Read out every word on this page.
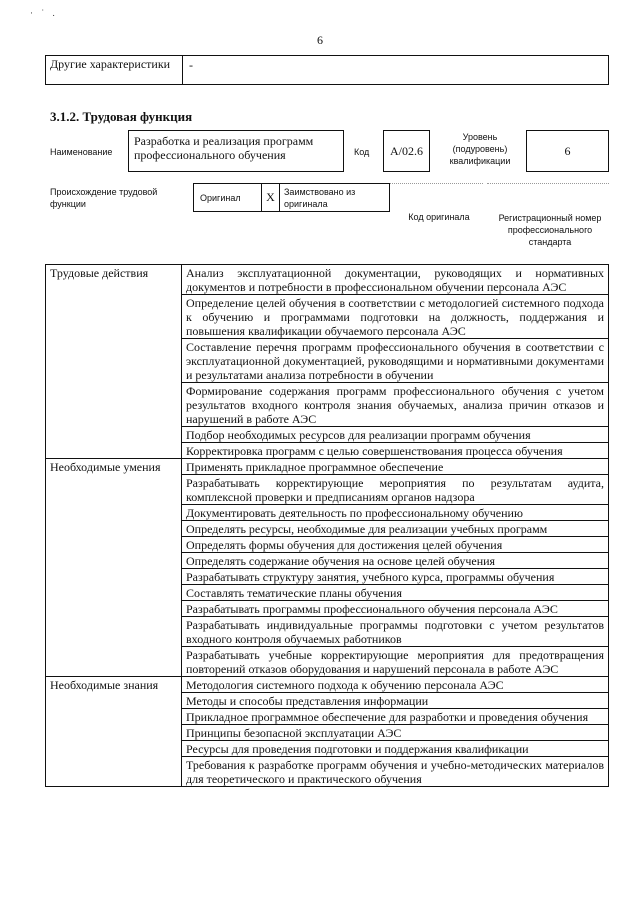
· ˙ .
6
Другие характеристики	-
3.1.2. Трудовая функция
Наименование
Разработка и реализация программ профессионального обучения	Код	A/02.6
Уровень (подуровень) квалификации
6
Происхождение трудовой функции
Оригинал	X	Заимствовано из оригинала
Код оригинала	Регистрационный номер профессионального стандарта
Трудовые действия	Анализ эксплуатационной документации, руководящих и нормативных документов и потребности в профессиональном обучении персонала АЭС
	Определение целей обучения в соответствии с методологией системного подхода к обучению и программами подготовки на должность, поддержания и повышения квалификации обучаемого персонала АЭС
	Составление перечня программ профессионального обучения в соответствии с эксплуатационной документацией, руководящими и нормативными документами и результатами анализа потребности в обучении
	Формирование содержания программ профессионального обучения с учетом результатов входного контроля знания обучаемых, анализа причин отказов и нарушений в работе АЭС
	Подбор необходимых ресурсов для реализации программ обучения
	Корректировка программ с целью совершенствования процесса обучения
Необходимые умения	Применять прикладное программное обеспечение
	Разрабатывать корректирующие мероприятия по результатам аудита, комплексной проверки и предписаниям органов надзора
	Документировать деятельность по профессиональному обучению
	Определять ресурсы, необходимые для реализации учебных программ
	Определять формы обучения для достижения целей обучения
	Определять содержание обучения на основе целей обучения
	Разрабатывать структуру занятия, учебного курса, программы обучения
	Составлять тематические планы обучения
	Разрабатывать программы профессионального обучения персонала АЭС
	Разрабатывать индивидуальные программы подготовки с учетом результатов входного контроля обучаемых работников
	Разрабатывать учебные корректирующие мероприятия для предотвращения повторений отказов оборудования и нарушений персонала в работе АЭС
Необходимые знания	Методология системного подхода к обучению персонала АЭС
	Методы и способы представления информации
	Прикладное программное обеспечение для разработки и проведения обучения
	Принципы безопасной эксплуатации АЭС
	Ресурсы для проведения подготовки и поддержания квалификации
	Требования к разработке программ обучения и учебно-методических материалов для теоретического и практического обучения
